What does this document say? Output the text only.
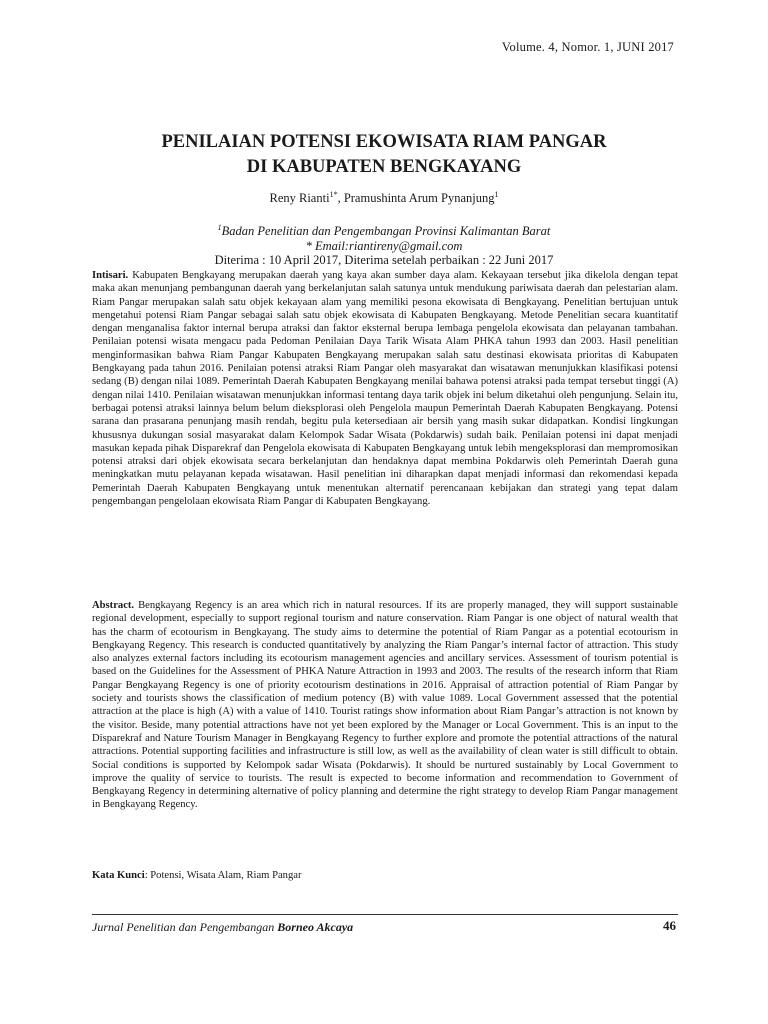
Volume. 4, Nomor. 1, JUNI 2017
PENILAIAN POTENSI EKOWISATA RIAM PANGAR
DI KABUPATEN BENGKAYANG
Reny Rianti$^{1*}$, Pramushinta Arum Pynanjung$^1$
$^1$Badan Penelitian dan Pengembangan Provinsi Kalimantan Barat
* Email:riantireny@gmail.com
Diterima : 10 April 2017, Diterima setelah perbaikan : 22 Juni 2017
Intisari. Kabupaten Bengkayang merupakan daerah yang kaya akan sumber daya alam. Kekayaan tersebut jika dikelola dengan tepat maka akan menunjang pembangunan daerah yang berkelanjutan salah satunya untuk mendukung pariwisata daerah dan pelestarian alam. Riam Pangar merupakan salah satu objek kekayaan alam yang memiliki pesona ekowisata di Bengkayang. Penelitian bertujuan untuk mengetahui potensi Riam Pangar sebagai salah satu objek ekowisata di Kabupaten Bengkayang. Metode Penelitian secara kuantitatif dengan menganalisa faktor internal berupa atraksi dan faktor eksternal berupa lembaga pengelola ekowisata dan pelayanan tambahan. Penilaian potensi wisata mengacu pada Pedoman Penilaian Daya Tarik Wisata Alam PHKA tahun 1993 dan 2003. Hasil penelitian menginformasikan bahwa Riam Pangar Kabupaten Bengkayang merupakan salah satu destinasi ekowisata prioritas di Kabupaten Bengkayang pada tahun 2016. Penilaian potensi atraksi Riam Pangar oleh masyarakat dan wisatawan menunjukkan klasifikasi potensi sedang (B) dengan nilai 1089. Pemerintah Daerah Kabupaten Bengkayang menilai bahawa potensi atraksi pada tempat tersebut tinggi (A) dengan nilai 1410. Penilaian wisatawan menunjukkan informasi tentang daya tarik objek ini belum diketahui oleh pengunjung. Selain itu, berbagai potensi atraksi lainnya belum belum dieksplorasi oleh Pengelola maupun Pemerintah Daerah Kabupaten Bengkayang. Potensi sarana dan prasarana penunjang masih rendah, begitu pula ketersediaan air bersih yang masih sukar didapatkan. Kondisi lingkungan khususnya dukungan sosial masyarakat dalam Kelompok Sadar Wisata (Pokdarwis) sudah baik. Penilaian potensi ini dapat menjadi masukan kepada pihak Disparekraf dan Pengelola ekowisata di Kabupaten Bengkayang untuk lebih mengeksplorasi dan mempromosikan potensi atraksi dari objek ekowisata secara berkelanjutan dan hendaknya dapat membina Pokdarwis oleh Pemerintah Daerah guna meningkatkan mutu pelayanan kepada wisatawan. Hasil penelitian ini diharapkan dapat menjadi informasi dan rekomendasi kepada Pemerintah Daerah Kabupaten Bengkayang untuk menentukan alternatif perencanaan kebijakan dan strategi yang tepat dalam pengembangan pengelolaan ekowisata Riam Pangar di Kabupaten Bengkayang.
Abstract. Bengkayang Regency is an area which rich in natural resources. If its are properly managed, they will support sustainable regional development, especially to support regional tourism and nature conservation. Riam Pangar is one object of natural wealth that has the charm of ecotourism in Bengkayang. The study aims to determine the potential of Riam Pangar as a potential ecotourism in Bengkayang Regency. This research is conducted quantitatively by analyzing the Riam Pangar’s internal factor of attraction. This study also analyzes external factors including its ecotourism management agencies and ancillary services. Assessment of tourism potential is based on the Guidelines for the Assessment of PHKA Nature Attraction in 1993 and 2003. The results of the research inform that Riam Pangar Bengkayang Regency is one of priority ecotourism destinations in 2016. Appraisal of attraction potential of Riam Pangar by society and tourists shows the classification of medium potency (B) with value 1089. Local Government assessed that the potential attraction at the place is high (A) with a value of 1410. Tourist ratings show information about Riam Pangar’s attraction is not known by the visitor. Beside, many potential attractions have not yet been explored by the Manager or Local Government. This is an input to the Disparekraf and Nature Tourism Manager in Bengkayang Regency to further explore and promote the potential attractions of the natural attractions. Potential supporting facilities and infrastructure is still low, as well as the availability of clean water is still difficult to obtain. Social conditions is supported by Kelompok sadar Wisata (Pokdarwis). It should be nurtured sustainably by Local Government to improve the quality of service to tourists. The result is expected to become information and recommendation to Government of Bengkayang Regency in determining alternative of policy planning and determine the right strategy to develop Riam Pangar management in Bengkayang Regency.
Kata Kunci: Potensi, Wisata Alam, Riam Pangar
Jurnal Penelitian dan Pengembangan Borneo Akcaya	46
